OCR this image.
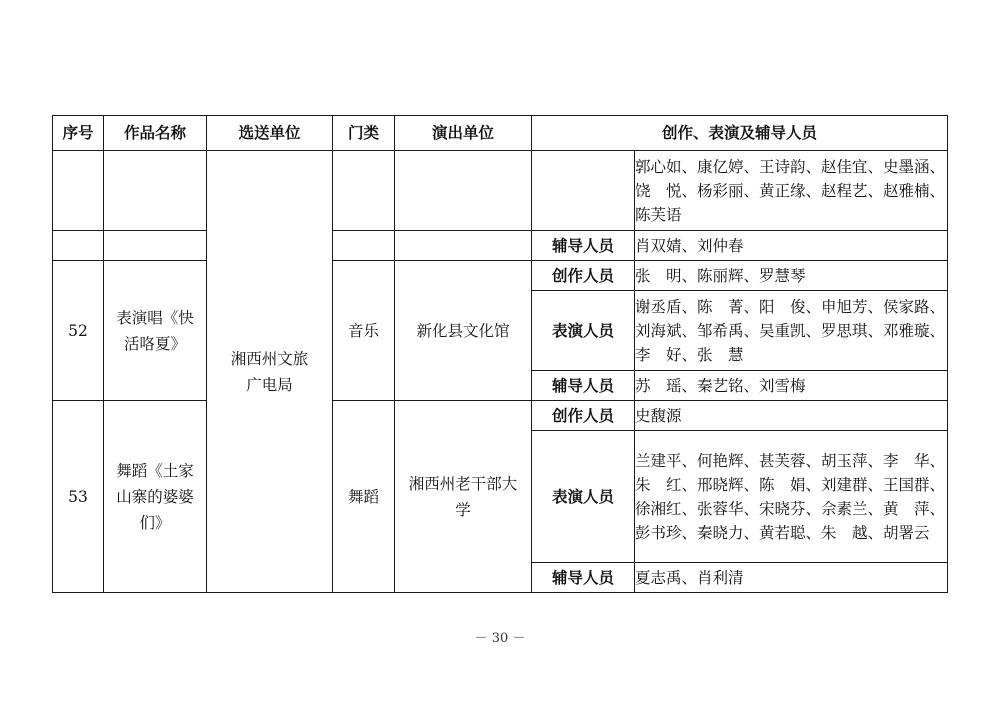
序号	作品名称	选送单位	门类	演出单位	创作、表演及辅导人员	
		湘西州文旅广电局				郭心如、康亿婷、王诗韵、赵佳宜、史墨涵、饶　悦、杨彩丽、黄正缘、赵程艺、赵雅楠、陈芙语
					辅导人员	肖双婧、刘仲春
52	表演唱《快活咯夏》		音乐	新化县文化馆	创作人员	张　明、陈丽辉、罗慧琴
					表演人员	谢丞盾、陈　菁、阳　俊、申旭芳、侯家路、刘海斌、邹希禹、吴重凯、罗思琪、邓雅璇、李　好、张　慧
					辅导人员	苏　瑶、秦艺铭、刘雪梅
53	舞蹈《土家山寨的婆婆们》		舞蹈	湘西州老干部大学	创作人员	史馥源
					表演人员	兰建平、何艳辉、甚芙蓉、胡玉萍、李　华、朱　红、邢晓辉、陈　娟、刘建群、王国群、徐湘红、张蓉华、宋晓芬、佘素兰、黄　萍、彭书珍、秦晓力、黄若聪、朱　越、胡署云
					辅导人员	夏志禹、肖利清
－ 30 －
